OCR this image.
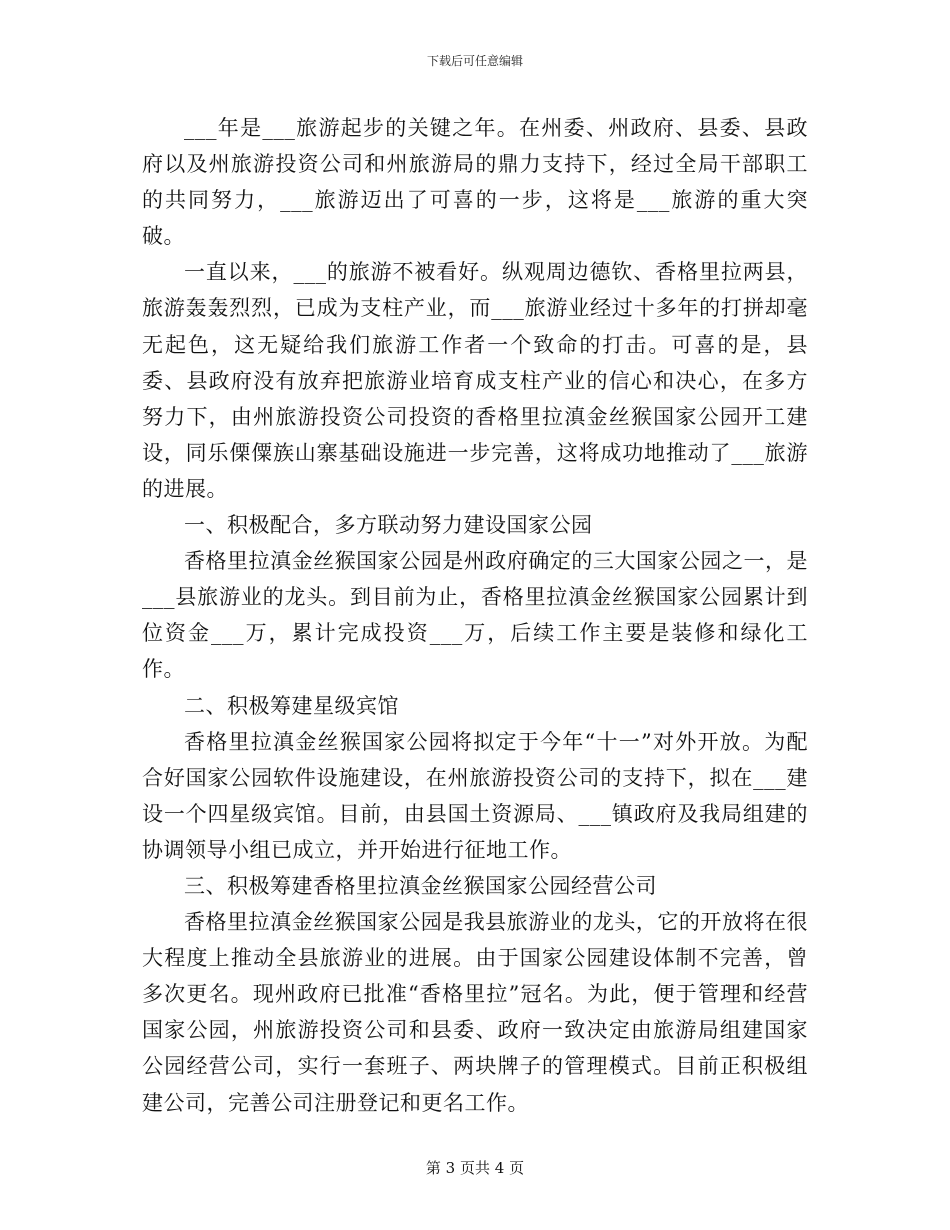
下载后可任意编辑

___年是___旅游起步的关键之年。在州委、州政府、县委、县政府以及州旅游投资公司和州旅游局的鼎力支持下，经过全局干部职工的共同努力，___旅游迈出了可喜的一步，这将是___旅游的重大突破。

一直以来，___的旅游不被看好。纵观周边德钦、香格里拉两县，旅游轰轰烈烈，已成为支柱产业，而___旅游业经过十多年的打拼却毫无起色，这无疑给我们旅游工作者一个致命的打击。可喜的是，县委、县政府没有放弃把旅游业培育成支柱产业的信心和决心，在多方努力下，由州旅游投资公司投资的香格里拉滇金丝猴国家公园开工建设，同乐傈僳族山寨基础设施进一步完善，这将成功地推动了___旅游的进展。

一、积极配合，多方联动努力建设国家公园

香格里拉滇金丝猴国家公园是州政府确定的三大国家公园之一，是___县旅游业的龙头。到目前为止，香格里拉滇金丝猴国家公园累计到位资金___万，累计完成投资___万，后续工作主要是装修和绿化工作。

二、积极筹建星级宾馆

香格里拉滇金丝猴国家公园将拟定于今年“十一”对外开放。为配合好国家公园软件设施建设，在州旅游投资公司的支持下，拟在___建设一个四星级宾馆。目前，由县国土资源局、___镇政府及我局组建的协调领导小组已成立，并开始进行征地工作。

三、积极筹建香格里拉滇金丝猴国家公园经营公司

香格里拉滇金丝猴国家公园是我县旅游业的龙头，它的开放将在很大程度上推动全县旅游业的进展。由于国家公园建设体制不完善，曾多次更名。现州政府已批准“香格里拉”冠名。为此，便于管理和经营国家公园，州旅游投资公司和县委、政府一致决定由旅游局组建国家公园经营公司，实行一套班子、两块牌子的管理模式。目前正积极组建公司，完善公司注册登记和更名工作。

第 3 页共 4 页
